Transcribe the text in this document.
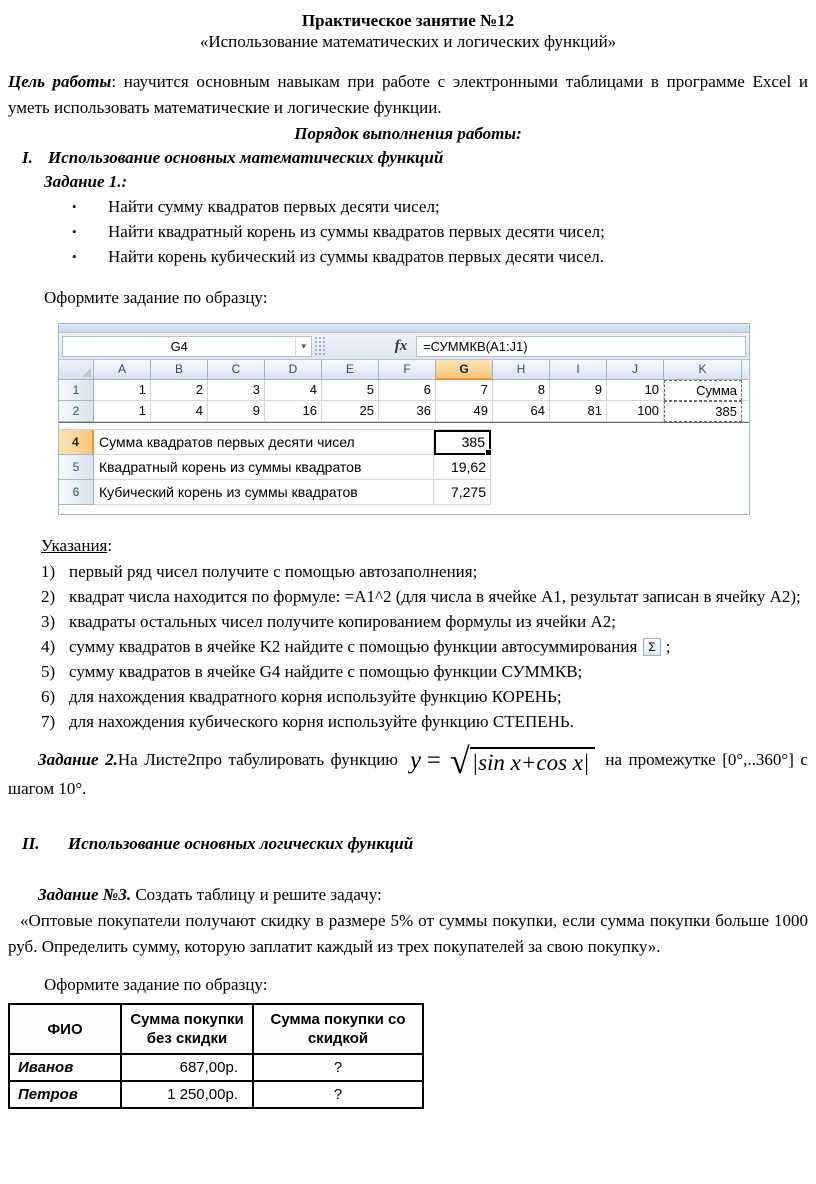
Практическое занятие №12
«Использование математических и логических функций»

Цель работы: научится основным навыкам при работе с электронными таблицами в программе Excel и уметь использовать математические и логические функции.

Порядок выполнения работы:
I. Использование основных математических функций
Задание 1.:
• Найти сумму квадратов первых десяти чисел;
• Найти квадратный корень из суммы квадратов первых десяти чисел;
• Найти корень кубический из суммы квадратов первых десяти чисел.
Оформите задание по образцу:
G4	▾	fx	=СУММКВ(A1:J1)
A	B	C	D	E	F	G	H	I	J	K
1	1	2	3	4	5	6	7	8	9	10	Сумма
2	1	4	9	16	25	36	49	64	81	100	385
4	Сумма квадратов первых десяти чисел	385
5	Квадратный корень из суммы квадратов	19,62
6	Кубический корень из суммы квадратов	7,275
Указания:
1) первый ряд чисел получите с помощью автозаполнения;
2) квадрат числа находится по формуле: =A1^2 (для числа в ячейке A1, результат записан в ячейку A2);
3) квадраты остальных чисел получите копированием формулы из ячейки A2;
4) сумму квадратов в ячейке K2 найдите с помощью функции автосуммирования Σ ;
5) сумму квадратов в ячейке G4 найдите с помощью функции СУММКВ;
6) для нахождения квадратного корня используйте функцию КОРЕНЬ;
7) для нахождения кубического корня используйте функцию СТЕПЕНЬ.

Задание 2.На Листе2про табулировать функцию y = √ |sin x+cos x| на промежутке [0°,..360°] с шагом 10°.

II.	Использование основных логических функций

Задание №3. Создать таблицу и решите задачу:

«Оптовые покупатели получают скидку в размере 5% от суммы покупки, если сумма покупки больше 1000 руб. Определить сумму, которую заплатит каждый из трех покупателей за свою покупку».

Оформите задание по образцу:
ФИО	Сумма покупки без скидки	Сумма покупки со скидкой
Иванов	687,00р.	?
Петров	1 250,00р.	?
